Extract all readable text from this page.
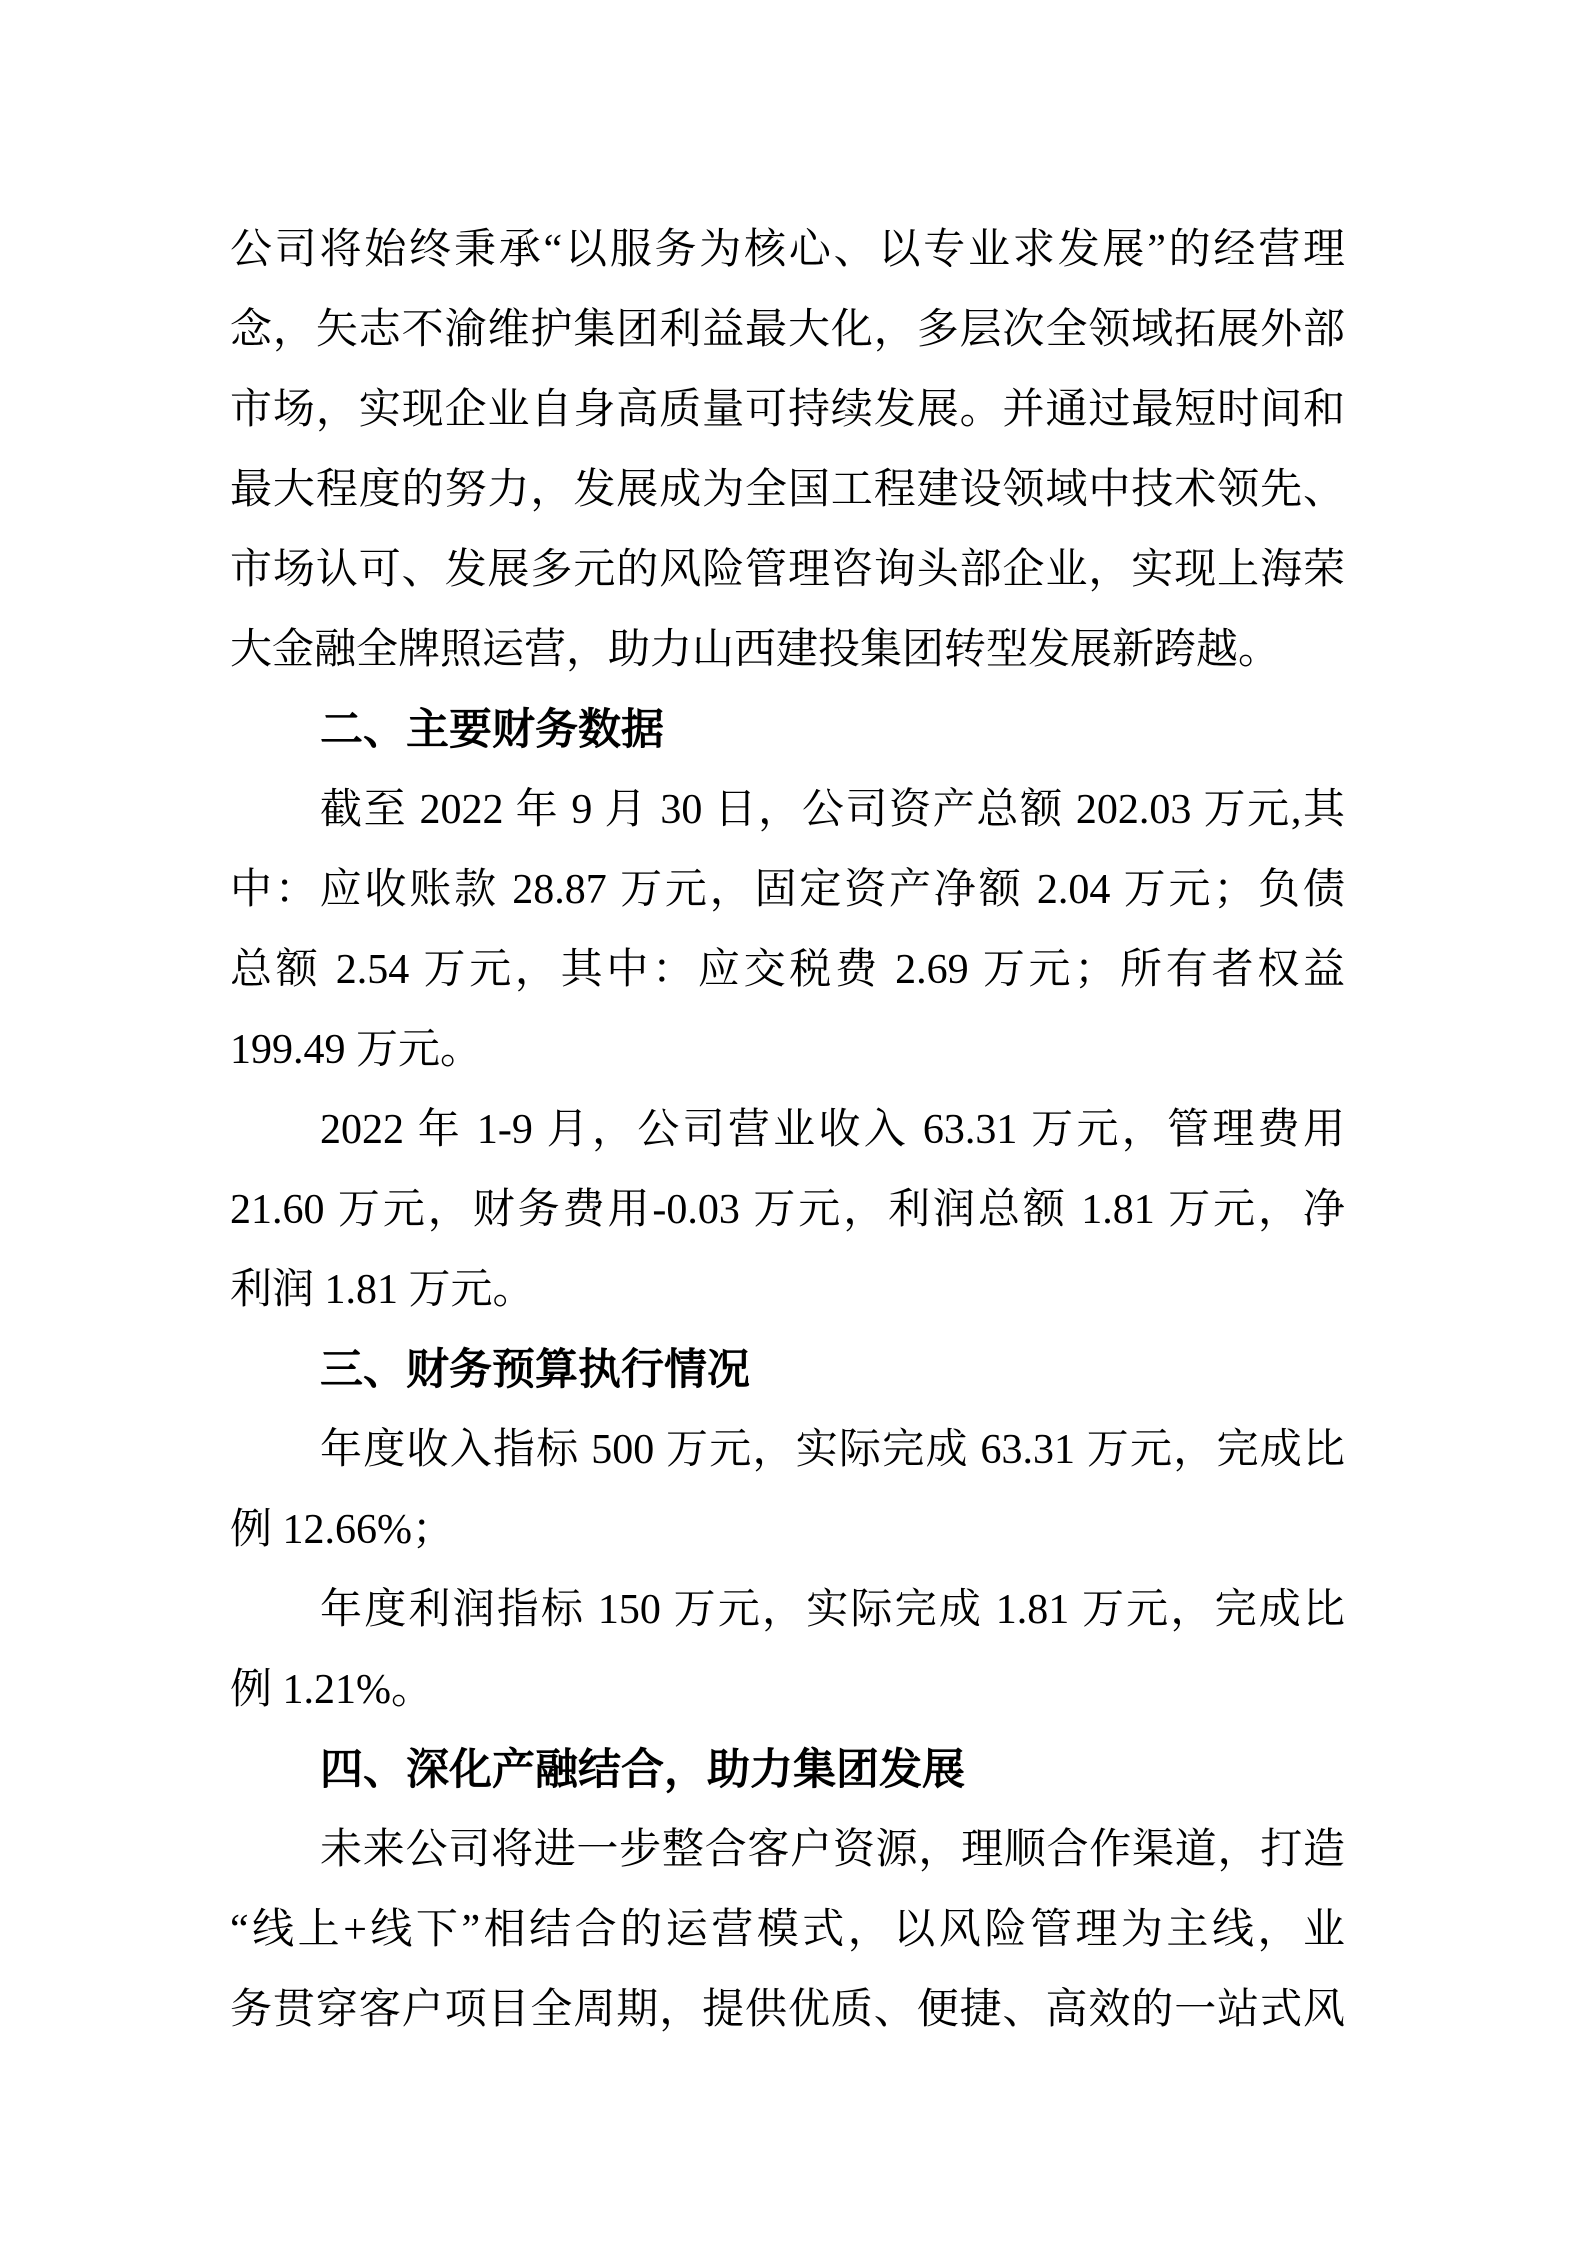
公司将始终秉承“以服务为核心、以专业求发展”的经营理
念，矢志不渝维护集团利益最大化，多层次全领域拓展外部
市场，实现企业自身高质量可持续发展。并通过最短时间和
最大程度的努力，发展成为全国工程建设领域中技术领先、
市场认可、发展多元的风险管理咨询头部企业，实现上海荣
大金融全牌照运营，助力山西建投集团转型发展新跨越。
二、主要财务数据
截至 2022 年 9 月 30 日，公司资产总额 202.03 万元,其
中：应收账款 28.87 万元，固定资产净额 2.04 万元；负债
总额 2.54 万元，其中：应交税费 2.69 万元；所有者权益
199.49 万元。
2022 年 1-9 月，公司营业收入 63.31 万元，管理费用
21.60 万元，财务费用-0.03 万元，利润总额 1.81 万元，净
利润 1.81 万元。
三、财务预算执行情况
年度收入指标 500 万元，实际完成 63.31 万元，完成比
例 12.66%；
年度利润指标 150 万元，实际完成 1.81 万元，完成比
例 1.21%。
四、深化产融结合，助力集团发展
未来公司将进一步整合客户资源，理顺合作渠道，打造
“线上+线下”相结合的运营模式，以风险管理为主线，业
务贯穿客户项目全周期，提供优质、便捷、高效的一站式风
